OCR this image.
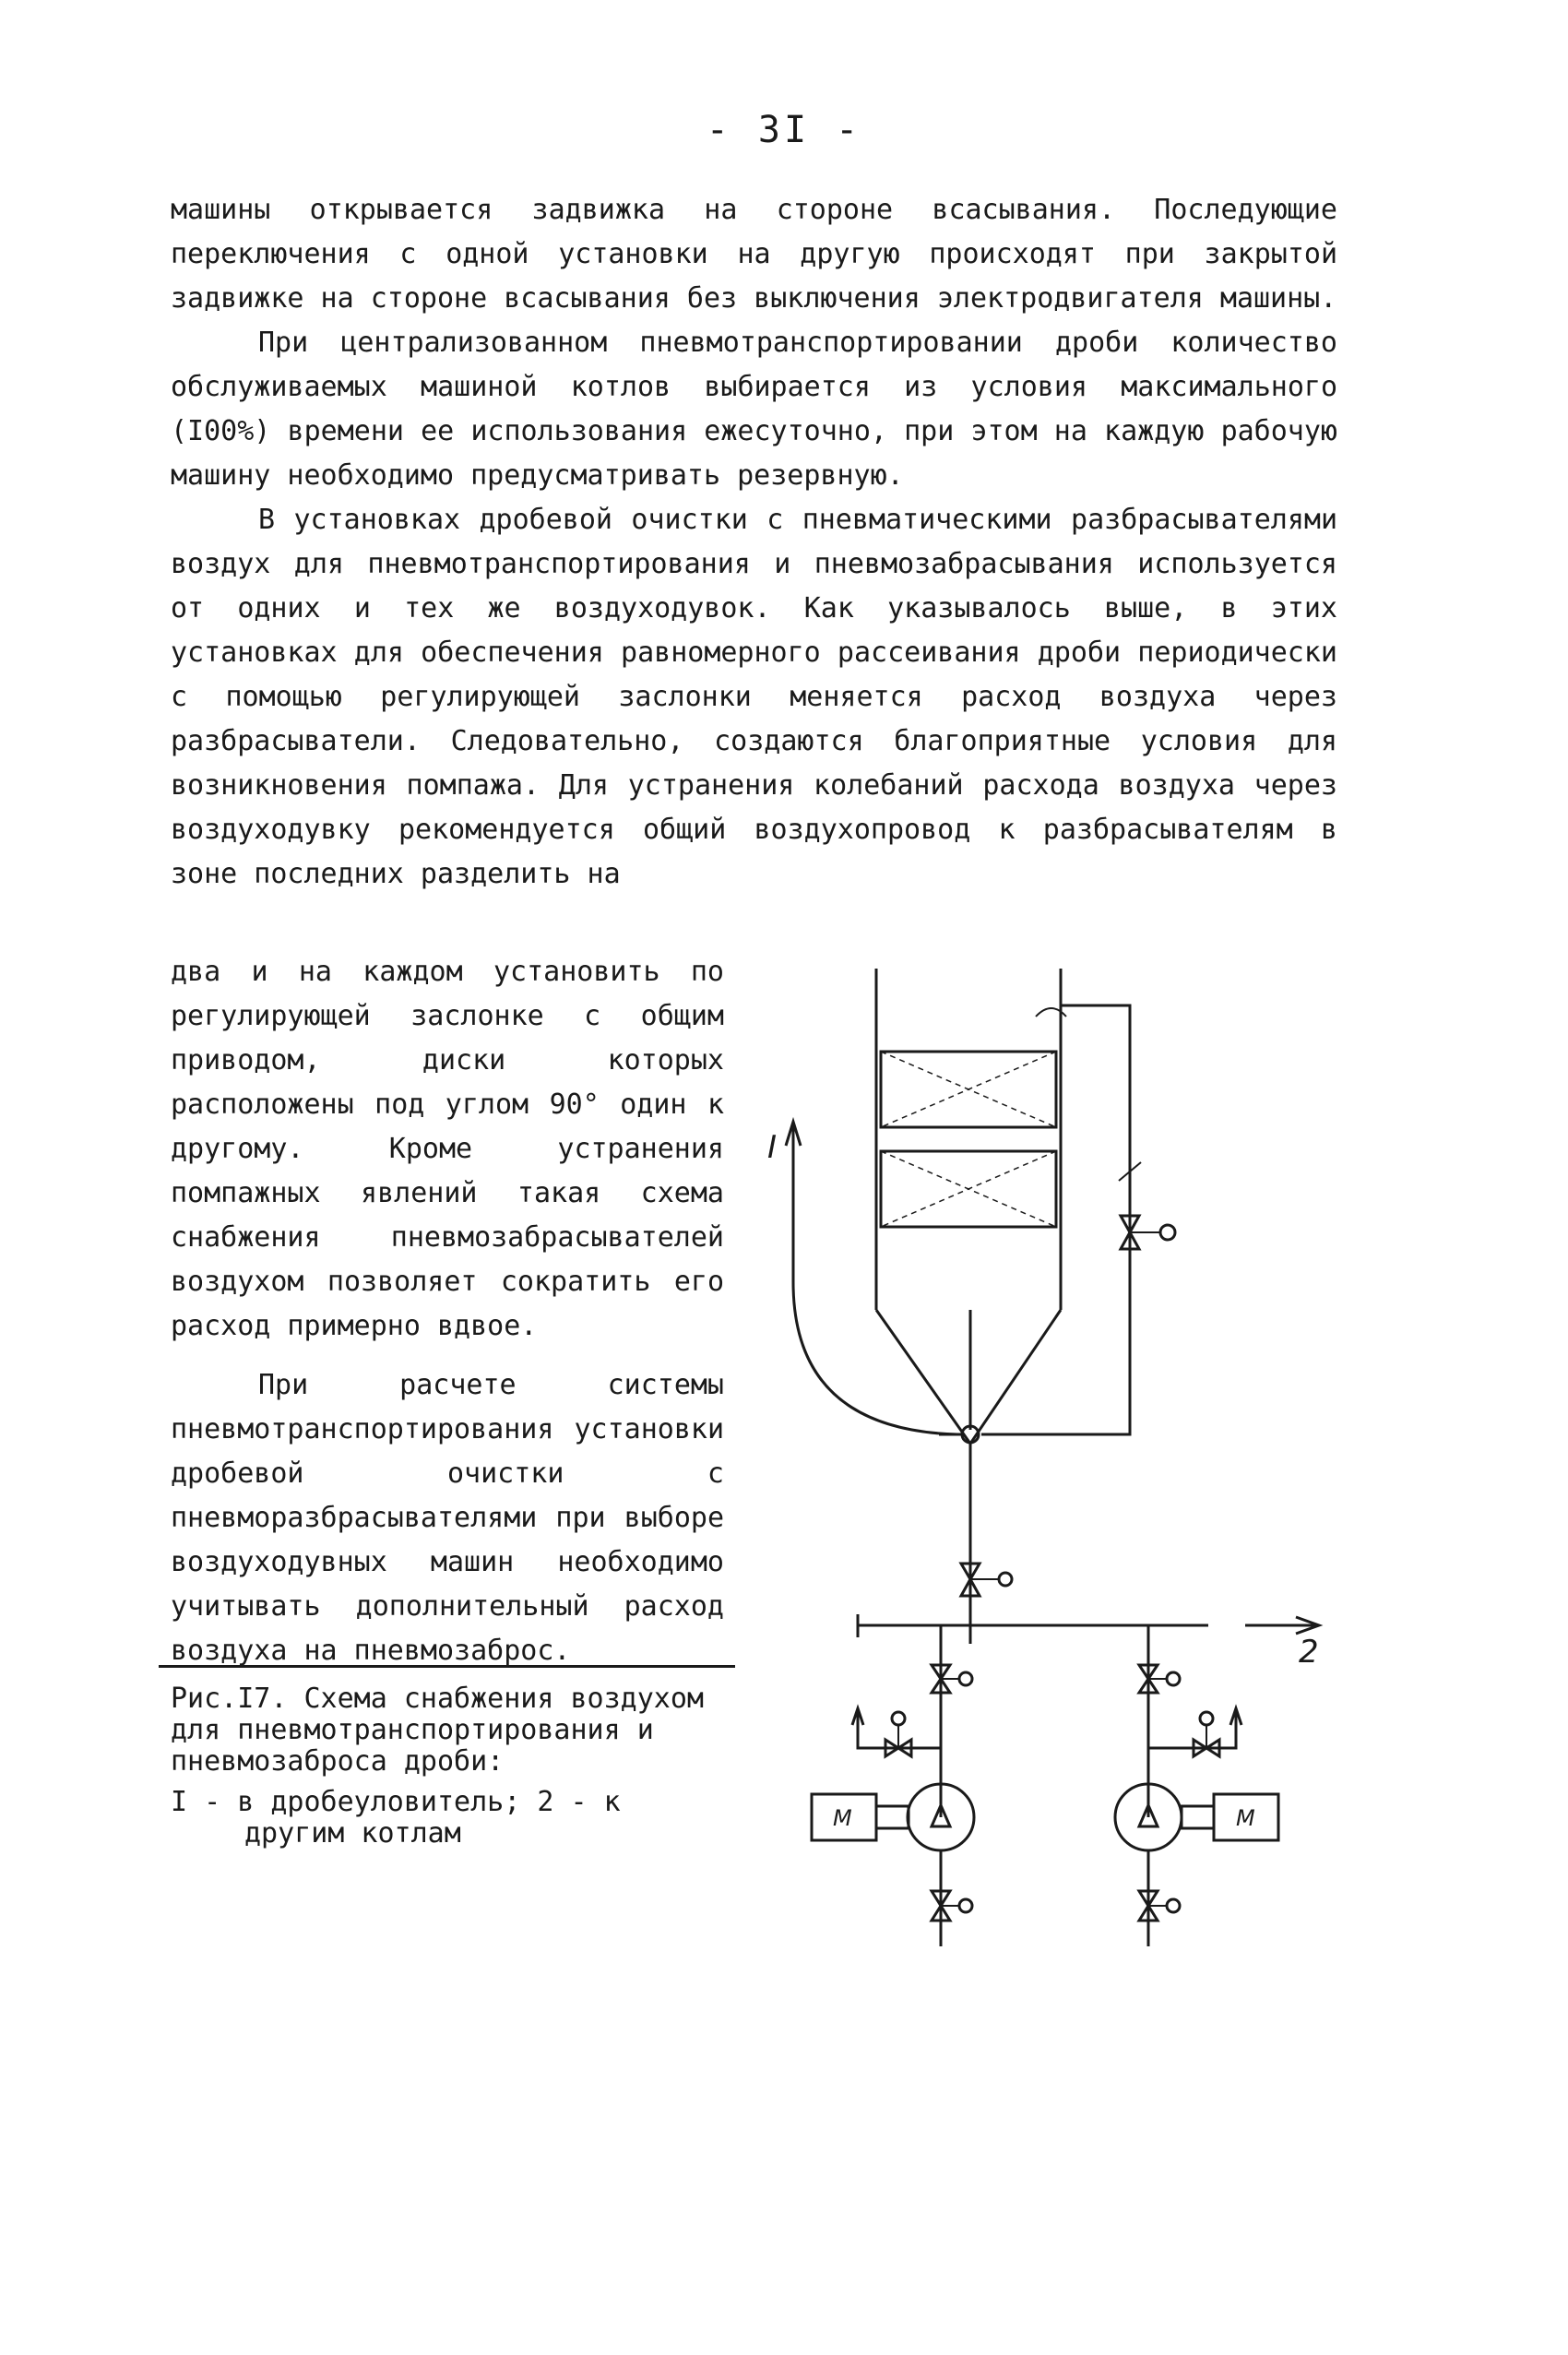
- 3I -

машины открывается задвижка на стороне всасывания. Последующие переключения с одной установки на другую происходят при закрытой задвижке на стороне всасывания без выключения электродвигателя машины.

При централизованном пневмотранспортировании дроби количество обслуживаемых машиной котлов выбирается из условия максимального (I00%) времени ее использования ежесуточно, при этом на каждую рабочую машину необходимо предусматривать резервную.

В установках дробевой очистки с пневматическими разбрасывателями воздух для пневмотранспортирования и пневмозабрасывания используется от одних и тех же воздуходувок. Как указывалось выше, в этих установках для обеспечения равномерного рассеивания дроби периодически с помощью регулирующей заслонки меняется расход воздуха через разбрасыватели. Следовательно, создаются благоприятные условия для возникновения помпажа. Для устранения колебаний расхода воздуха через воздуходувку рекомендуется общий воздухопровод к разбрасывателям в зоне последних разделить на

два и на каждом установить по регулирующей заслонке с общим приводом, диски которых расположены под углом 90° один к другому. Кроме устранения помпажных явлений такая схема снабжения пневмозабрасывателей воздухом позволяет сократить его расход примерно вдвое.

При расчете системы пневмотранспортирования установки дробевой очистки с пневморазбрасывателями при выборе воздуходувных машин необходимо учитывать дополнительный расход воздуха на пневмозаброс.

Рис.I7. Схема снабжения воздухом для пневмотранспортирования и пневмозаброса дроби:
I - в дробеуловитель; 2 - к другим котлам
I
2
M	M
